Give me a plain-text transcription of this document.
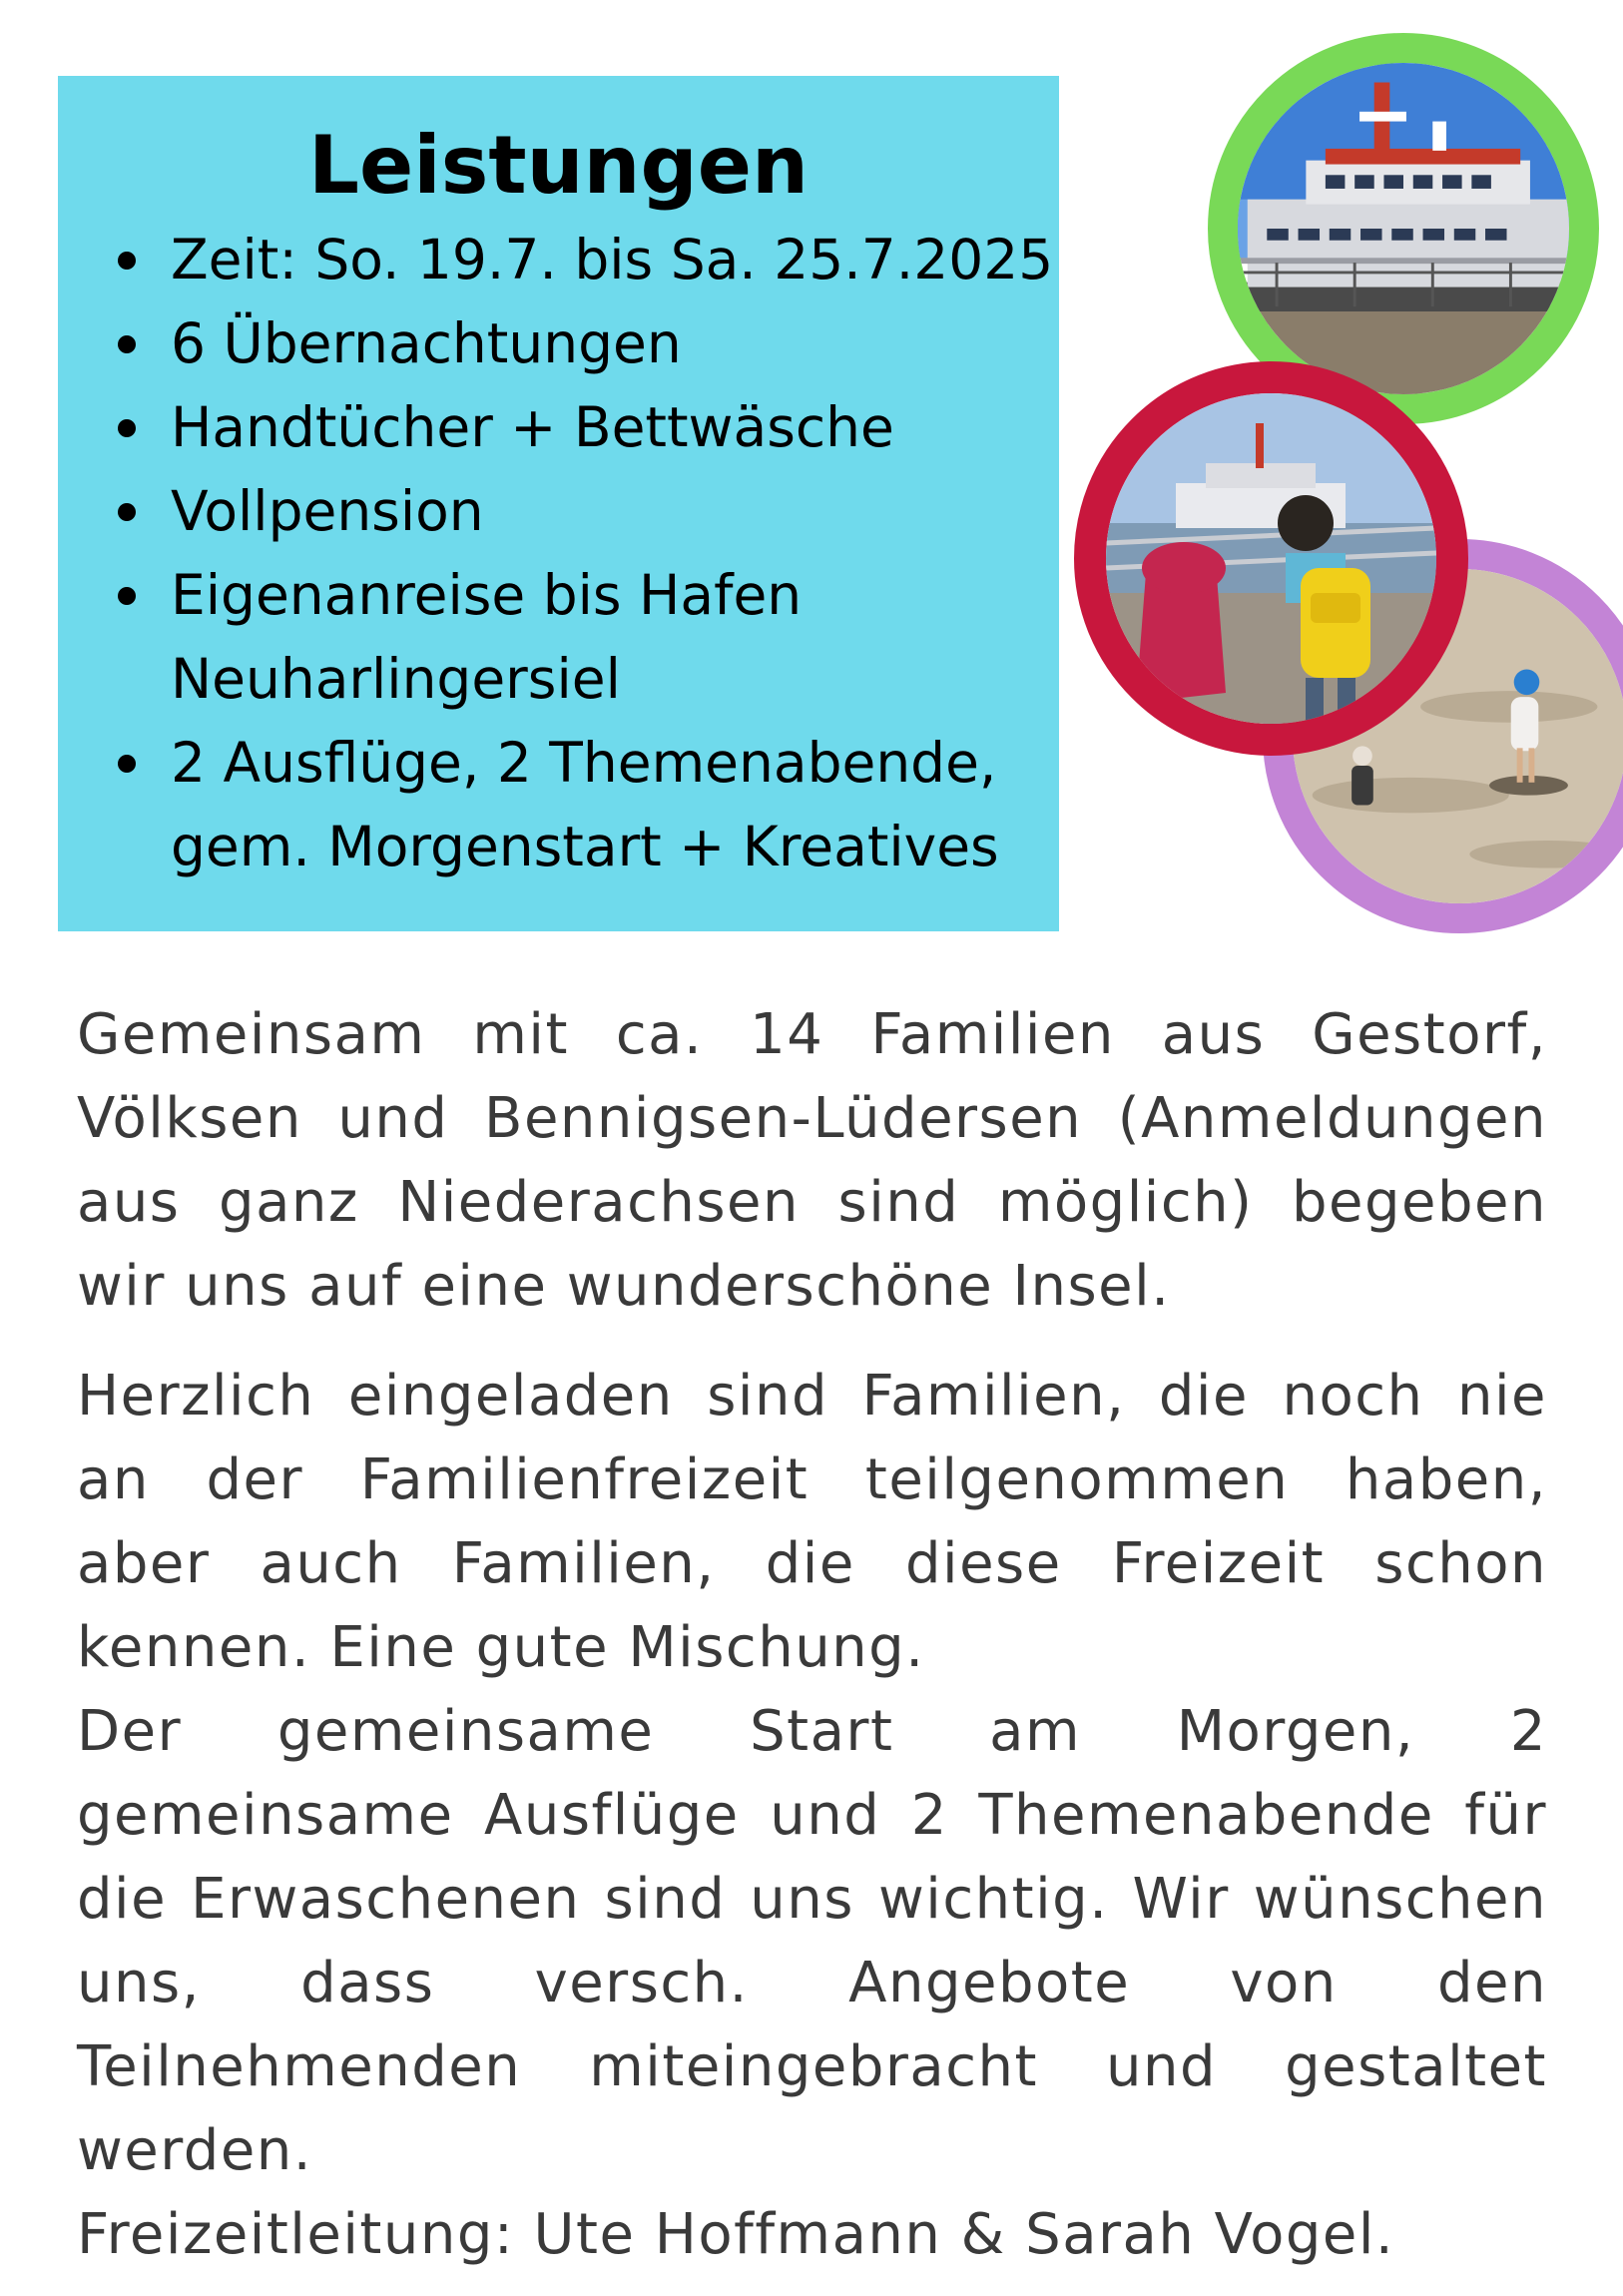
Leistungen
Zeit: So. 19.7. bis Sa. 25.7.2025
6 Übernachtungen
Handtücher + Bettwäsche
Vollpension
Eigenanreise bis Hafen
Neuharlingersiel
2 Ausflüge, 2 Themenabende,
gem. Morgenstart + Kreatives

Gemeinsam mit ca. 14 Familien aus Gestorf, Völksen und Bennigsen-Lüdersen (Anmeldungen aus ganz Niederachsen sind möglich) begeben wir uns auf eine wunderschöne Insel.

Herzlich eingeladen sind Familien, die noch nie an der Familienfreizeit teilgenommen haben, aber auch Familien, die diese Freizeit schon kennen. Eine gute Mischung.

Der gemeinsame Start am Morgen, 2 gemeinsame Ausflüge und 2 Themenabende für die Erwaschenen sind uns wichtig. Wir wünschen uns, dass versch. Angebote von den Teilnehmenden miteingebracht und gestaltet werden.

Freizeitleitung: Ute Hoffmann & Sarah Vogel.
